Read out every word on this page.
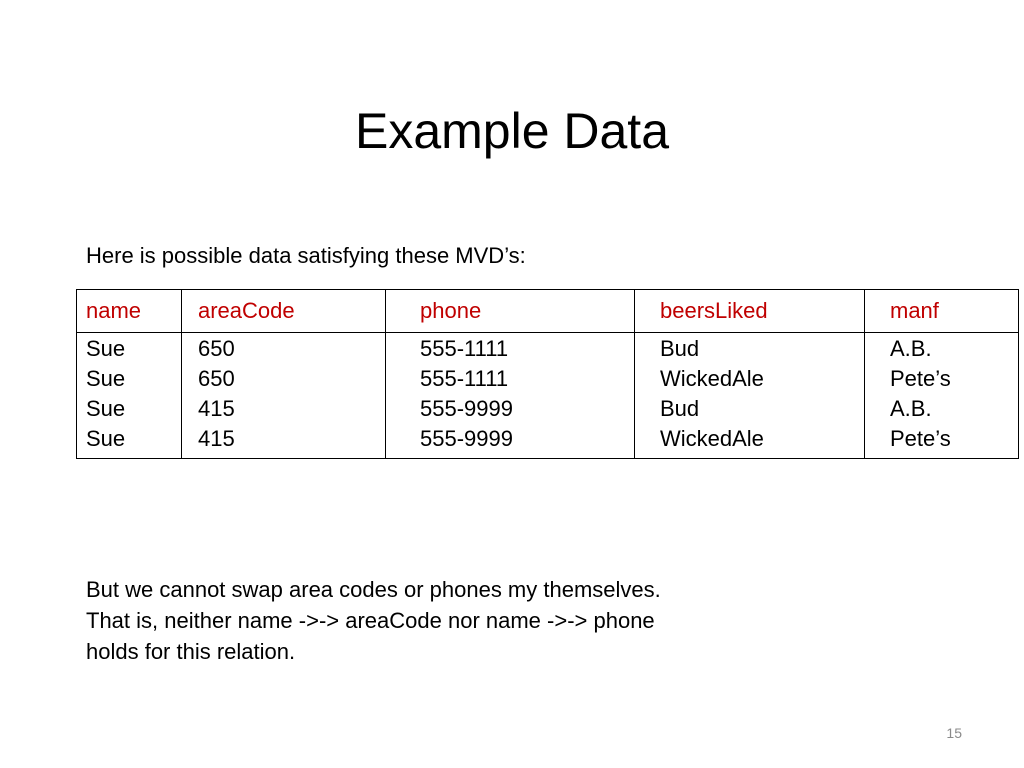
Example Data
Here is possible data satisfying these MVD’s:
name	areaCode	phone	beersLiked	manf
Sue	650	555-1111	Bud	A.B.
Sue	650	555-1111	WickedAle	Pete’s
Sue	415	555-9999	Bud	A.B.
Sue	415	555-9999	WickedAle	Pete’s
But we cannot swap area codes or phones my themselves.
That is, neither name ->-> areaCode nor name ->-> phone
holds for this relation.
15
